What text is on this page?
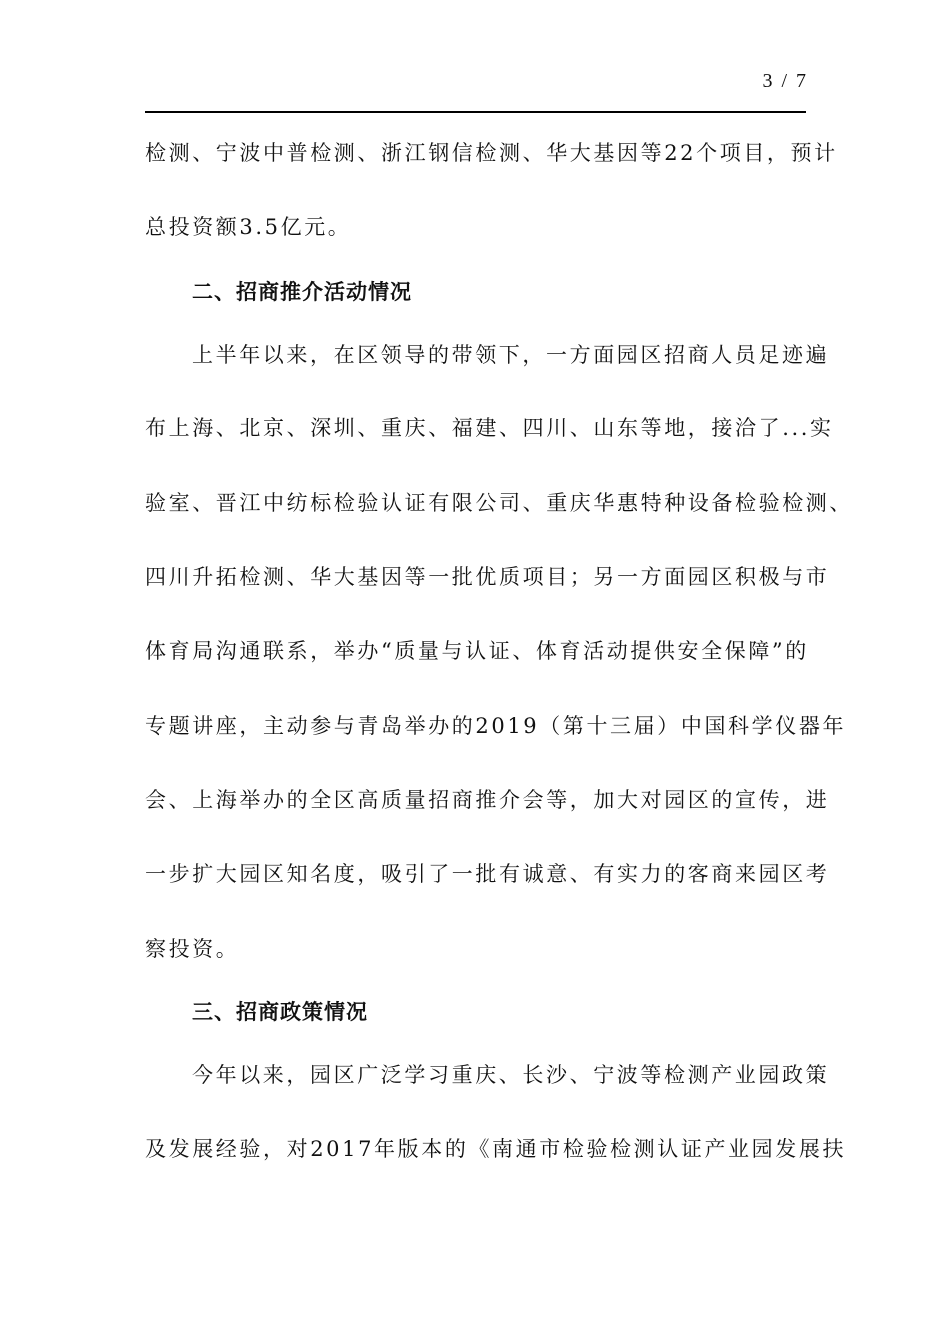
3 / 7
检测、宁波中普检测、浙江钢信检测、华大基因等22个项目，预计
总投资额3.5亿元。
二、招商推介活动情况
上半年以来，在区领导的带领下，一方面园区招商人员足迹遍
布上海、北京、深圳、重庆、福建、四川、山东等地，接洽了...实
验室、晋江中纺标检验认证有限公司、重庆华惠特种设备检验检测、
四川升拓检测、华大基因等一批优质项目；另一方面园区积极与市
体育局沟通联系，举办“质量与认证、体育活动提供安全保障”的
专题讲座，主动参与青岛举办的2019（第十三届）中国科学仪器年
会、上海举办的全区高质量招商推介会等，加大对园区的宣传，进
一步扩大园区知名度，吸引了一批有诚意、有实力的客商来园区考
察投资。
三、招商政策情况
今年以来，园区广泛学习重庆、长沙、宁波等检测产业园政策
及发展经验，对2017年版本的《南通市检验检测认证产业园发展扶
